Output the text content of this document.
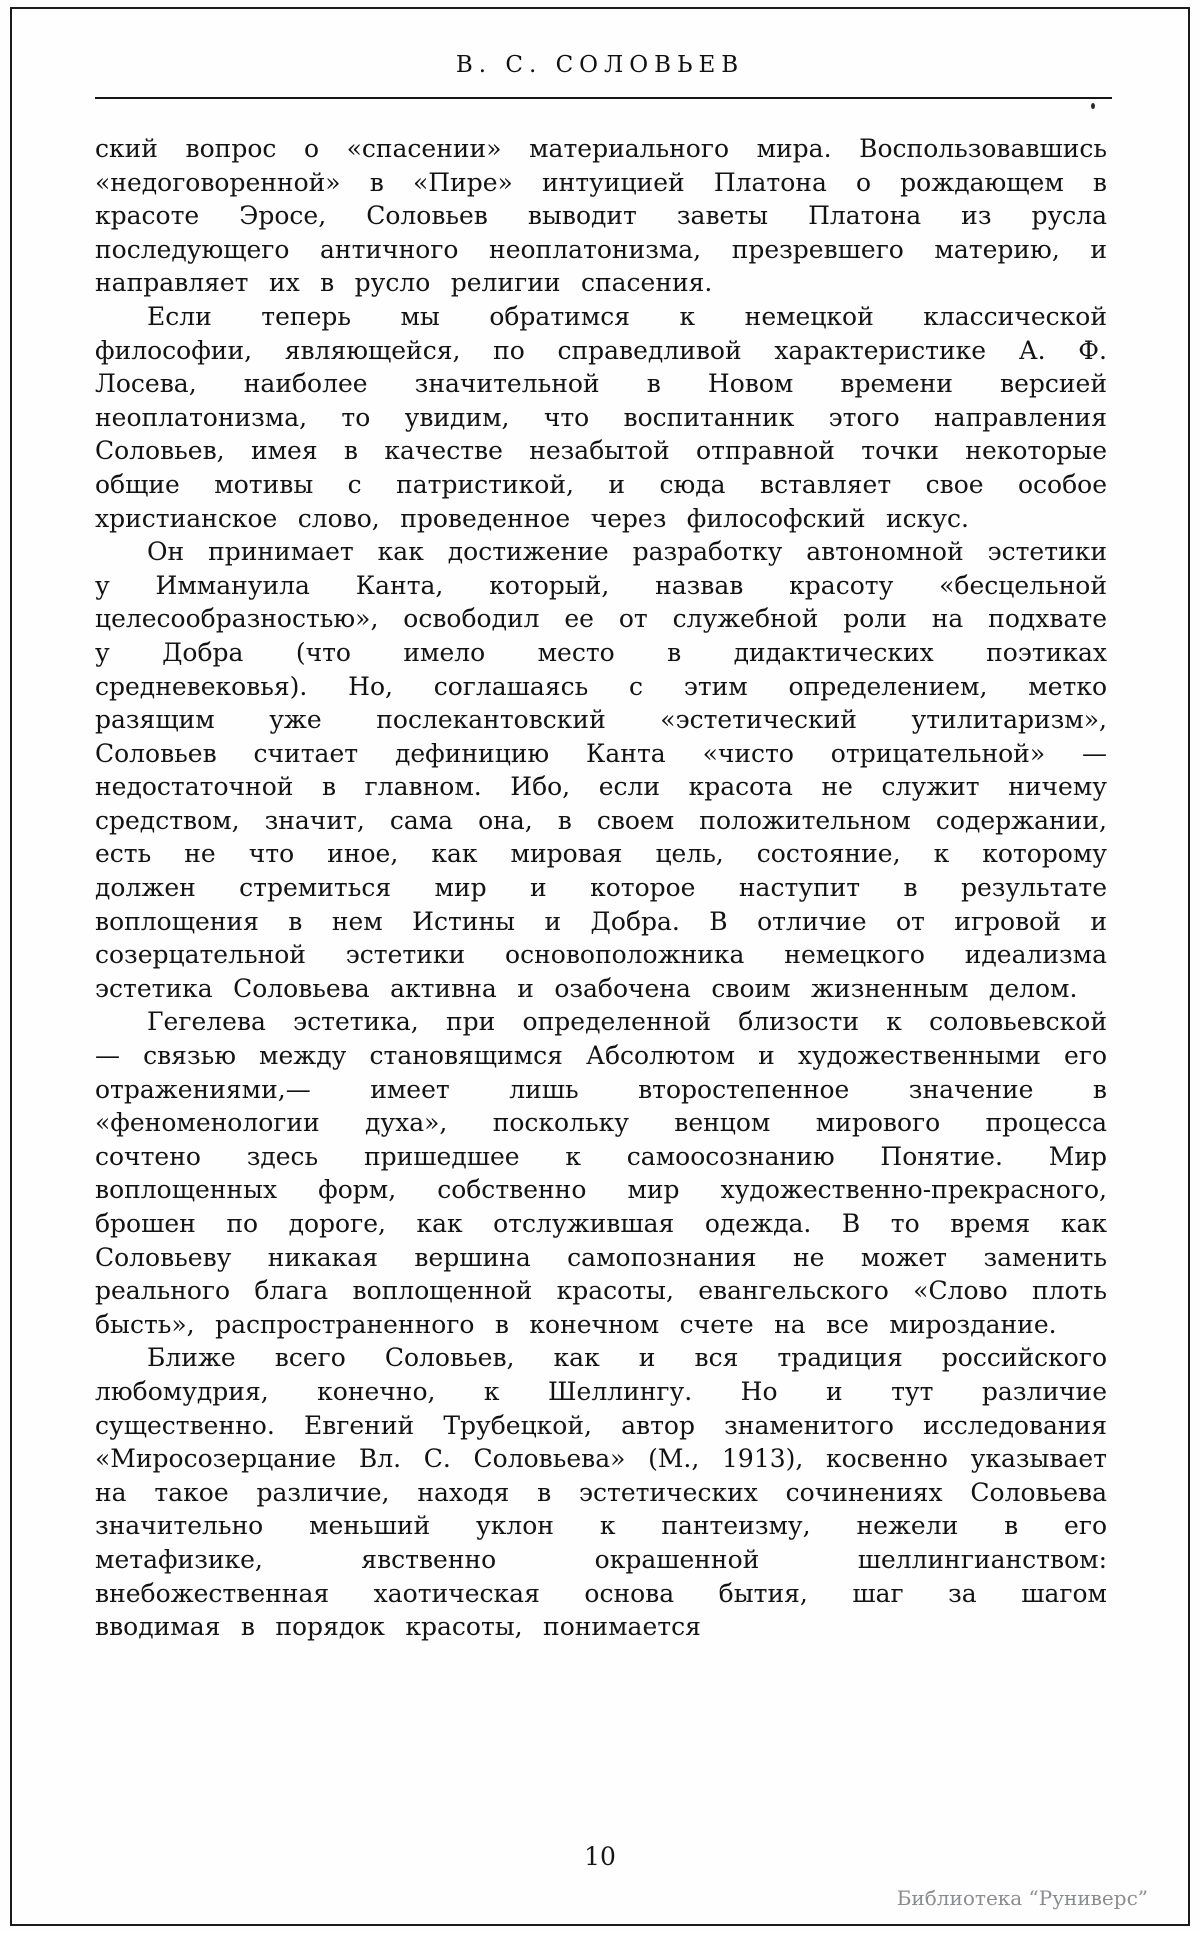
В. С. СОЛОВЬЕВ

ский вопрос о «спасении» материального мира. Воспользовавшись «недоговоренной» в «Пире» интуицией Платона о рождающем в красоте Эросе, Соловьев выводит заветы Платона из русла последующего античного неоплатонизма, презревшего материю, и направляет их в русло религии спасения.

Если теперь мы обратимся к немецкой классической философии, являющейся, по справедливой характеристике А. Ф. Лосева, наиболее значительной в Новом времени версией неоплатонизма, то увидим, что воспитанник этого направления Соловьев, имея в качестве незабытой отправной точки некоторые общие мотивы с патристикой, и сюда вставляет свое особое христианское слово, проведенное через философский искус.

Он принимает как достижение разработку автономной эстетики у Иммануила Канта, который, назвав красоту «бесцельной целесообразностью», освободил ее от служебной роли на подхвате у Добра (что имело место в дидактических поэтиках средневековья). Но, соглашаясь с этим определением, метко разящим уже послекантовский «эстетический утилитаризм», Соловьев считает дефиницию Канта «чисто отрицательной» — недостаточной в главном. Ибо, если красота не служит ничему средством, значит, сама она, в своем положительном содержании, есть не что иное, как мировая цель, состояние, к которому должен стремиться мир и которое наступит в результате воплощения в нем Истины и Добра. В отличие от игровой и созерцательной эстетики основоположника немецкого идеализма эстетика Соловьева активна и озабочена своим жизненным делом.

Гегелева эстетика, при определенной близости к соловьевской — связью между становящимся Абсолютом и художественными его отражениями,— имеет лишь второстепенное значение в «феноменологии духа», поскольку венцом мирового процесса сочтено здесь пришедшее к самоосознанию Понятие. Мир воплощенных форм, собственно мир художественно-прекрасного, брошен по дороге, как отслужившая одежда. В то время как Соловьеву никакая вершина самопознания не может заменить реального блага воплощенной красоты, евангельского «Слово плоть бысть», распространенного в конечном счете на все мироздание.

Ближе всего Соловьев, как и вся традиция российского любомудрия, конечно, к Шеллингу. Но и тут различие существенно. Евгений Трубецкой, автор знаменитого исследования «Миросозерцание Вл. С. Соловьева» (М., 1913), косвенно указывает на такое различие, находя в эстетических сочинениях Соловьева значительно меньший уклон к пантеизму, нежели в его метафизике, явственно окрашенной шеллингианством: внебожественная хаотическая основа бытия, шаг за шагом вводимая в порядок красоты, понимается

10
Библиотека “Руниверс”
